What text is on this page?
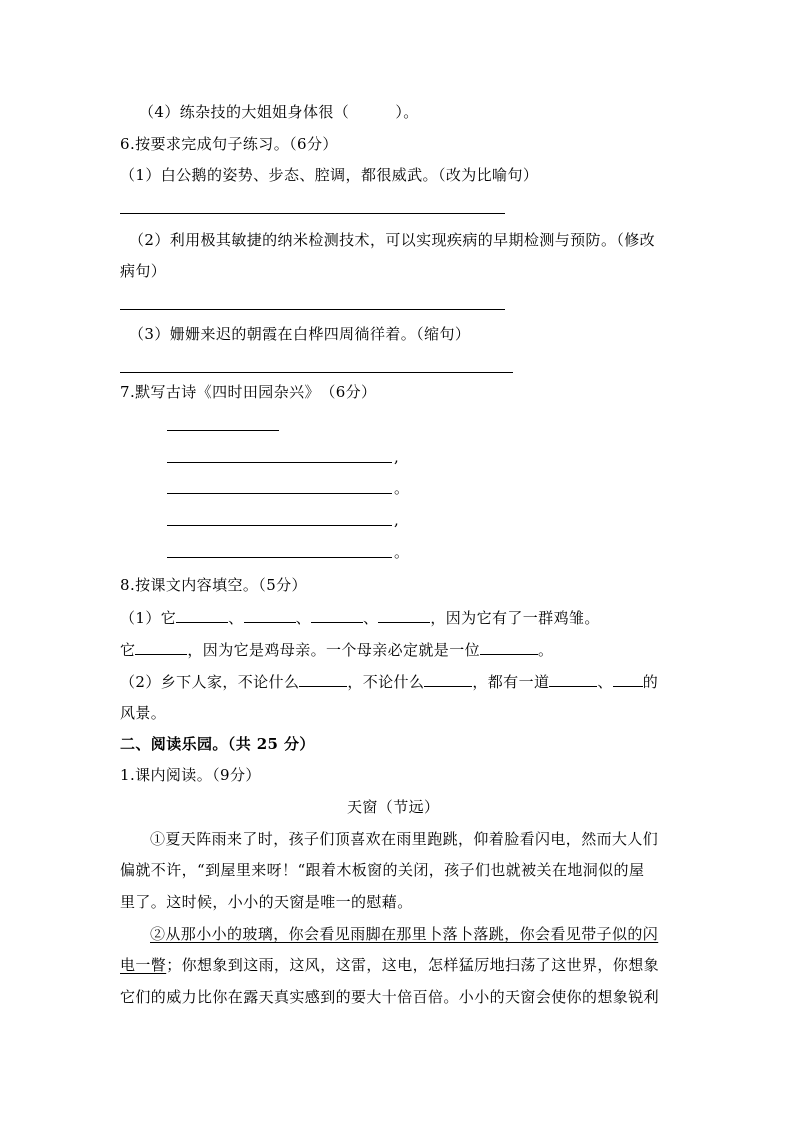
（4）练杂技的大姐姐身体很（　　　）。
6.按要求完成句子练习。（6分）
（1）白公鹅的姿势、步态、腔调，都很威武。（改为比喻句）
（2）利用极其敏捷的纳米检测技术，可以实现疾病的早期检测与预防。（修改
病句）
（3）姗姗来迟的朝霞在白桦四周徜徉着。（缩句）
7.默写古诗《四时田园杂兴》　（6分）
,
。
,
。
8.按课文内容填空。（5分）
（1）它	、	、	、	，因为它有了一群鸡雏。
它	，因为它是鸡母亲。一个母亲必定就是一位	。
（2）乡下人家，不论什么	，不论什么	，都有一道	、 的
风景。
二、阅读乐园。（共 25 分）
1.课内阅读。（9分）
天窗（节远）
①夏天阵雨来了时，孩子们顶喜欢在雨里跑跳，仰着脸看闪电，然而大人们
偏就不许，“到屋里来呀！“跟着木板窗的关闭，孩子们也就被关在地洞似的屋
里了。这时候，小小的天窗是唯一的慰藉。
②从那小小的玻璃，你会看见雨脚在那里卜落卜落跳，你会看见带子似的闪
电一瞥；你想象到这雨，这风，这雷，这电，怎样猛厉地扫荡了这世界，你想象
它们的威力比你在露天真实感到的要大十倍百倍。小小的天窗会使你的想象锐利
